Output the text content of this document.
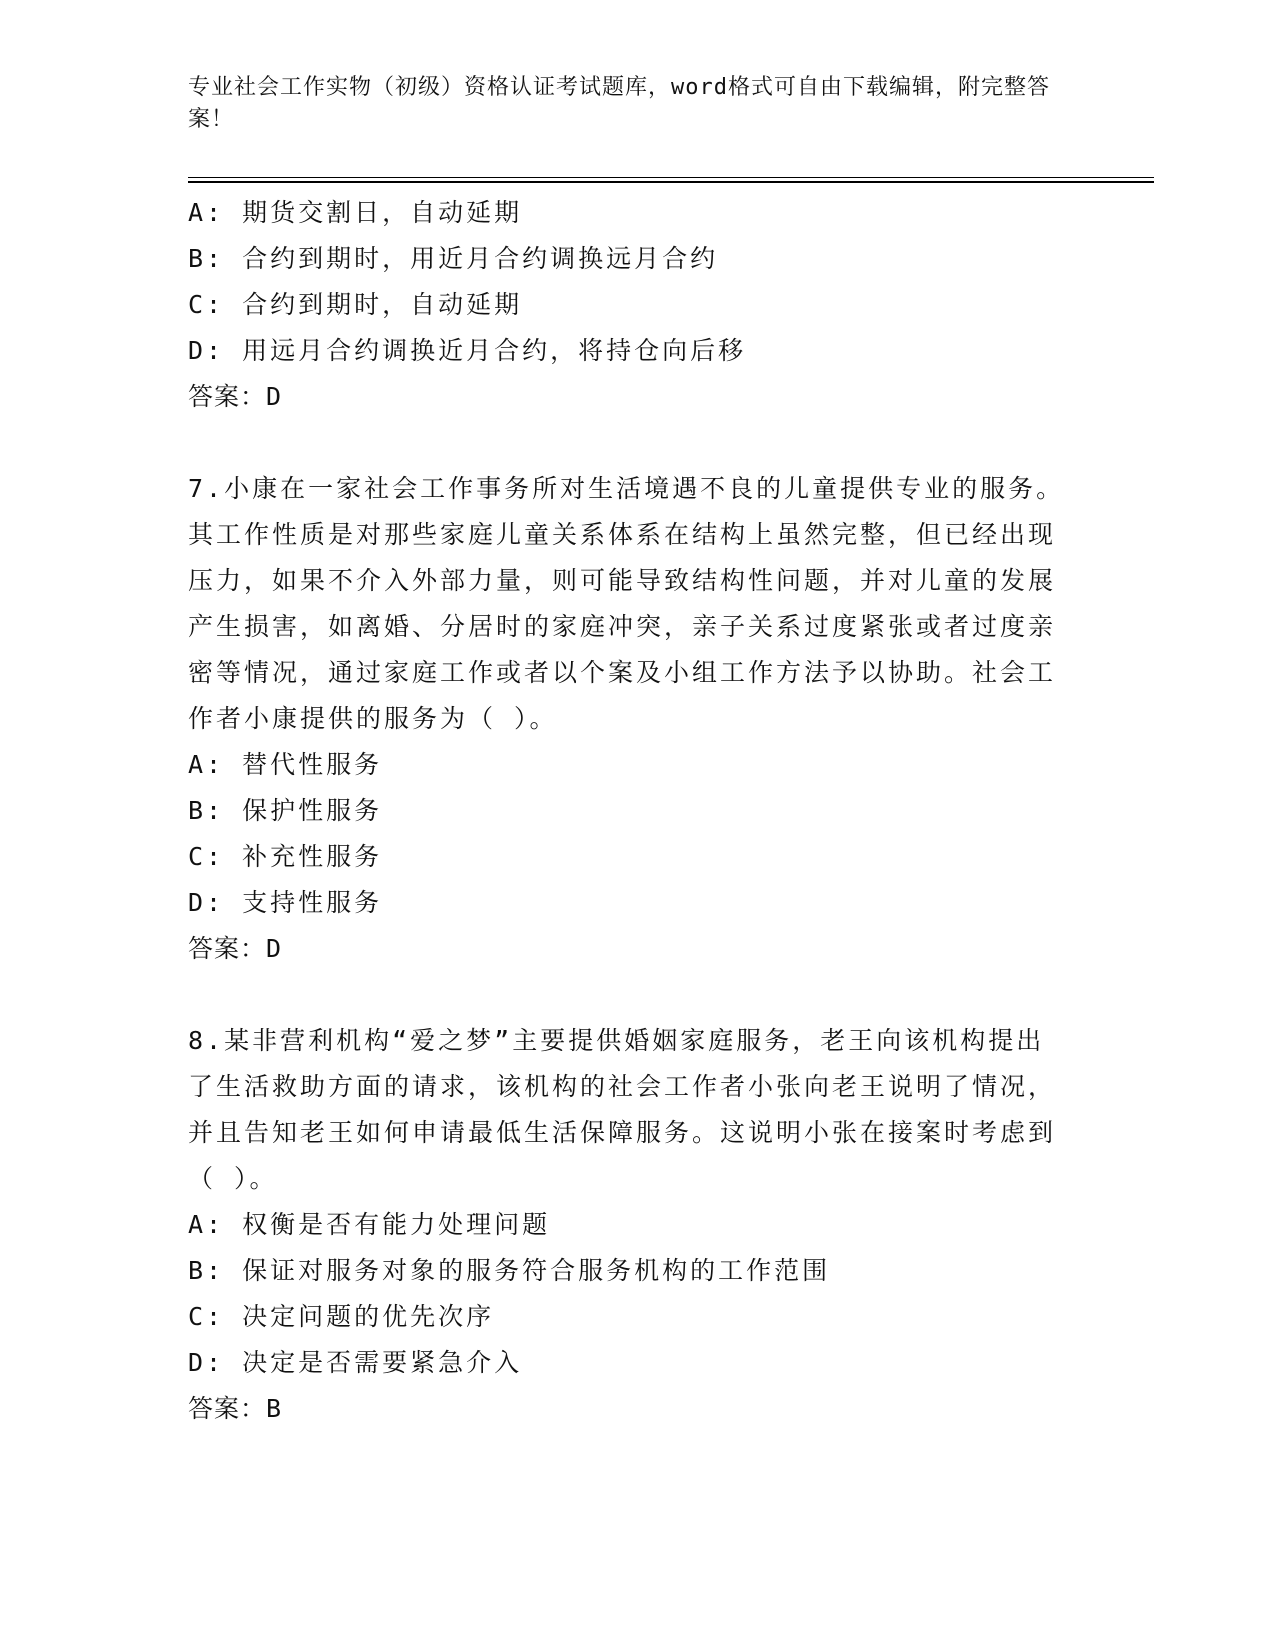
专业社会工作实物（初级）资格认证考试题库，word格式可自由下载编辑，附完整答案！
A: 期货交割日，自动延期
B: 合约到期时，用近月合约调换远月合约
C: 合约到期时，自动延期
D: 用远月合约调换近月合约，将持仓向后移
答案：D
7.小康在一家社会工作事务所对生活境遇不良的儿童提供专业的服务。其工作性质是对那些家庭儿童关系体系在结构上虽然完整，但已经出现压力，如果不介入外部力量，则可能导致结构性问题，并对儿童的发展产生损害，如离婚、分居时的家庭冲突，亲子关系过度紧张或者过度亲密等情况，通过家庭工作或者以个案及小组工作方法予以协助。社会工作者小康提供的服务为（ ）。
A: 替代性服务
B: 保护性服务
C: 补充性服务
D: 支持性服务
答案：D
8.某非营利机构“爱之梦”主要提供婚姻家庭服务，老王向该机构提出了生活救助方面的请求，该机构的社会工作者小张向老王说明了情况，并且告知老王如何申请最低生活保障服务。这说明小张在接案时考虑到（ ）。
A: 权衡是否有能力处理问题
B: 保证对服务对象的服务符合服务机构的工作范围
C: 决定问题的优先次序
D: 决定是否需要紧急介入
答案：B
